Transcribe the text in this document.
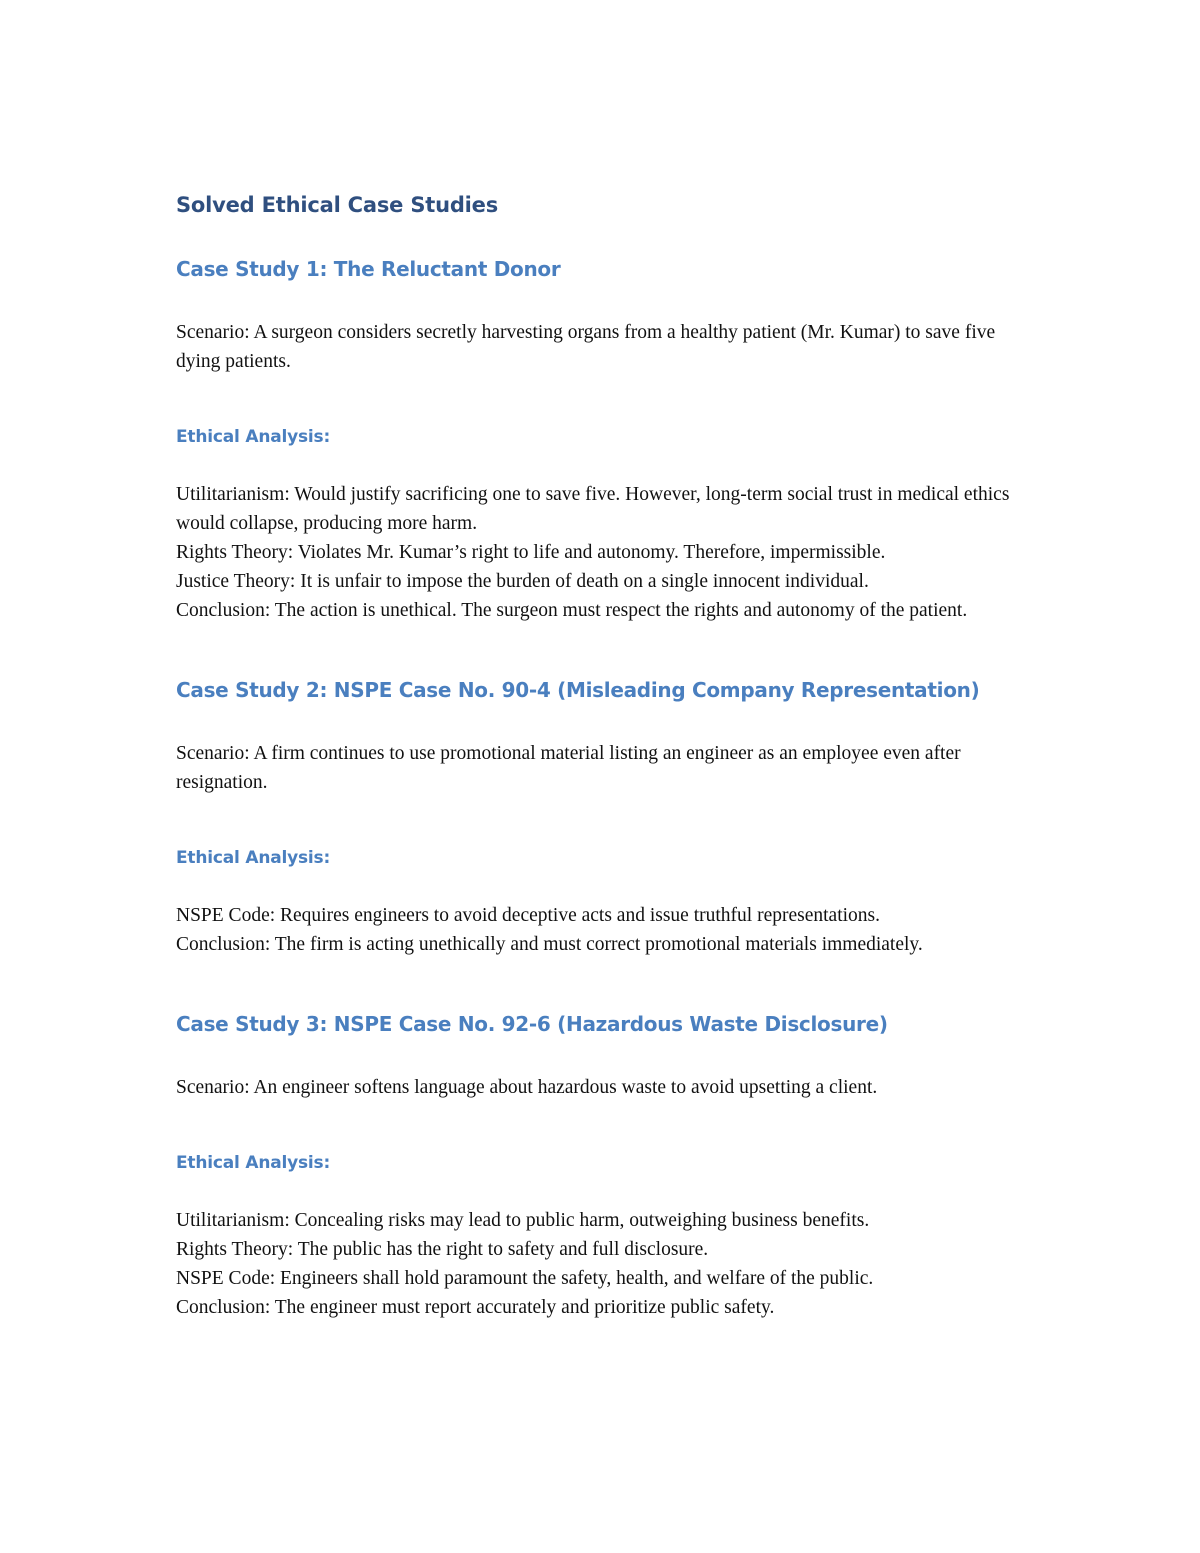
Solved Ethical Case Studies
Case Study 1: The Reluctant Donor

Scenario: A surgeon considers secretly harvesting organs from a healthy patient (Mr. Kumar) to save five dying patients.

Ethical Analysis:

Utilitarianism: Would justify sacrificing one to save five. However, long-term social trust in medical ethics would collapse, producing more harm.

Rights Theory: Violates Mr. Kumar’s right to life and autonomy. Therefore, impermissible.

Justice Theory: It is unfair to impose the burden of death on a single innocent individual.

Conclusion: The action is unethical. The surgeon must respect the rights and autonomy of the patient.

Case Study 2: NSPE Case No. 90-4 (Misleading Company Representation)

Scenario: A firm continues to use promotional material listing an engineer as an employee even after resignation.

Ethical Analysis:

NSPE Code: Requires engineers to avoid deceptive acts and issue truthful representations.

Conclusion: The firm is acting unethically and must correct promotional materials immediately.

Case Study 3: NSPE Case No. 92-6 (Hazardous Waste Disclosure)

Scenario: An engineer softens language about hazardous waste to avoid upsetting a client.

Ethical Analysis:

Utilitarianism: Concealing risks may lead to public harm, outweighing business benefits.

Rights Theory: The public has the right to safety and full disclosure.

NSPE Code: Engineers shall hold paramount the safety, health, and welfare of the public.

Conclusion: The engineer must report accurately and prioritize public safety.
